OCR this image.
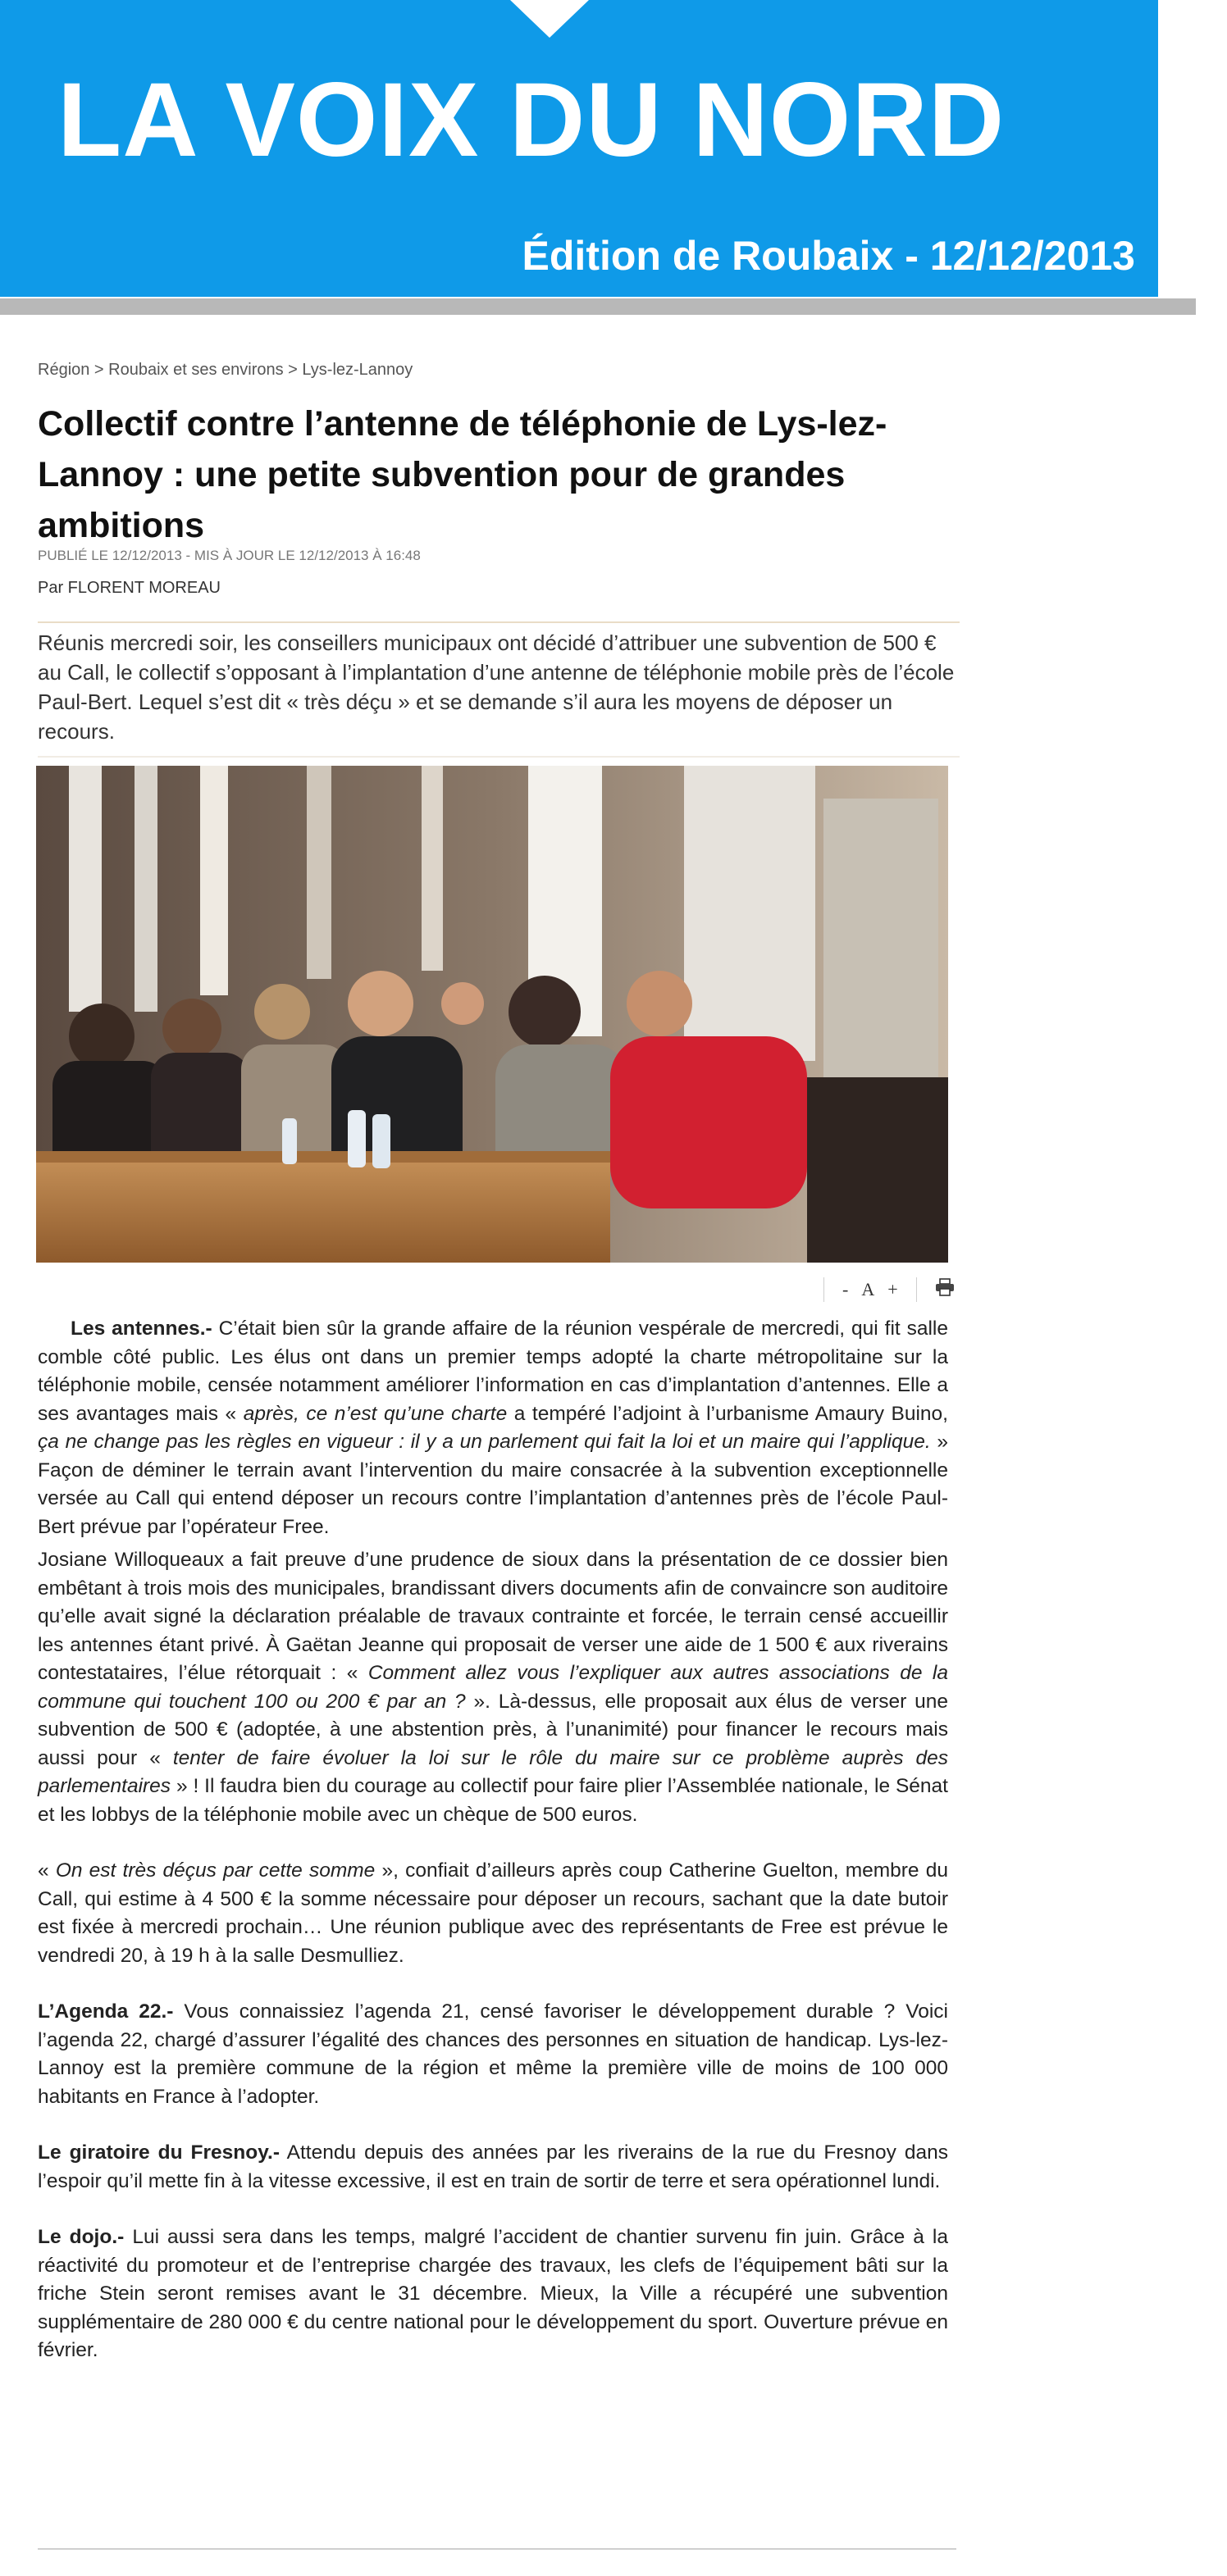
LA VOIX DU NORD
Édition de Roubaix - 12/12/2013
Région > Roubaix et ses environs > Lys-lez-Lannoy
Collectif contre l’antenne de téléphonie de Lys-lez-Lannoy : une petite subvention pour de grandes ambitions
PUBLIÉ LE 12/12/2013 - MIS À JOUR LE 12/12/2013 À 16:48
Par FLORENT MOREAU

Réunis mercredi soir, les conseillers municipaux ont décidé d’attribuer une subvention de 500 € au Call, le collectif s’opposant à l’implantation d’une antenne de téléphonie mobile près de l’école Paul-Bert. Lequel s’est dit « très déçu » et se demande s’il aura les moyens de déposer un recours.

- A +

Les antennes.- C’était bien sûr la grande affaire de la réunion vespérale de mercredi, qui fit salle comble côté public. Les élus ont dans un premier temps adopté la charte métropolitaine sur la téléphonie mobile, censée notamment améliorer l’information en cas d’implantation d’antennes. Elle a ses avantages mais « après, ce n’est qu’une charte a tempéré l’adjoint à l’urbanisme Amaury Buino, ça ne change pas les règles en vigueur : il y a un parlement qui fait la loi et un maire qui l’applique. » Façon de déminer le terrain avant l’intervention du maire consacrée à la subvention exceptionnelle versée au Call qui entend déposer un recours contre l’implantation d’antennes près de l’école Paul-Bert prévue par l’opérateur Free.

Josiane Willoqueaux a fait preuve d’une prudence de sioux dans la présentation de ce dossier bien embêtant à trois mois des municipales, brandissant divers documents afin de convaincre son auditoire qu’elle avait signé la déclaration préalable de travaux contrainte et forcée, le terrain censé accueillir les antennes étant privé. À Gaëtan Jeanne qui proposait de verser une aide de 1 500 € aux riverains contestataires, l’élue rétorquait : « Comment allez vous l’expliquer aux autres associations de la commune qui touchent 100 ou 200 € par an ? ». Là-dessus, elle proposait aux élus de verser une subvention de 500 € (adoptée, à une abstention près, à l’unanimité) pour financer le recours mais aussi pour « tenter de faire évoluer la loi sur le rôle du maire sur ce problème auprès des parlementaires » ! Il faudra bien du courage au collectif pour faire plier l’Assemblée nationale, le Sénat et les lobbys de la téléphonie mobile avec un chèque de 500 euros.

« On est très déçus par cette somme », confiait d’ailleurs après coup Catherine Guelton, membre du Call, qui estime à 4 500 € la somme nécessaire pour déposer un recours, sachant que la date butoir est fixée à mercredi prochain… Une réunion publique avec des représentants de Free est prévue le vendredi 20, à 19 h à la salle Desmulliez.

L’Agenda 22.- Vous connaissiez l’agenda 21, censé favoriser le développement durable ? Voici l’agenda 22, chargé d’assurer l’égalité des chances des personnes en situation de handicap. Lys-lez-Lannoy est la première commune de la région et même la première ville de moins de 100 000 habitants en France à l’adopter.

Le giratoire du Fresnoy.- Attendu depuis des années par les riverains de la rue du Fresnoy dans l’espoir qu’il mette fin à la vitesse excessive, il est en train de sortir de terre et sera opérationnel lundi.

Le dojo.- Lui aussi sera dans les temps, malgré l’accident de chantier survenu fin juin. Grâce à la réactivité du promoteur et de l’entreprise chargée des travaux, les clefs de l’équipement bâti sur la friche Stein seront remises avant le 31 décembre. Mieux, la Ville a récupéré une subvention supplémentaire de 280 000 € du centre national pour le développement du sport. Ouverture prévue en février.
